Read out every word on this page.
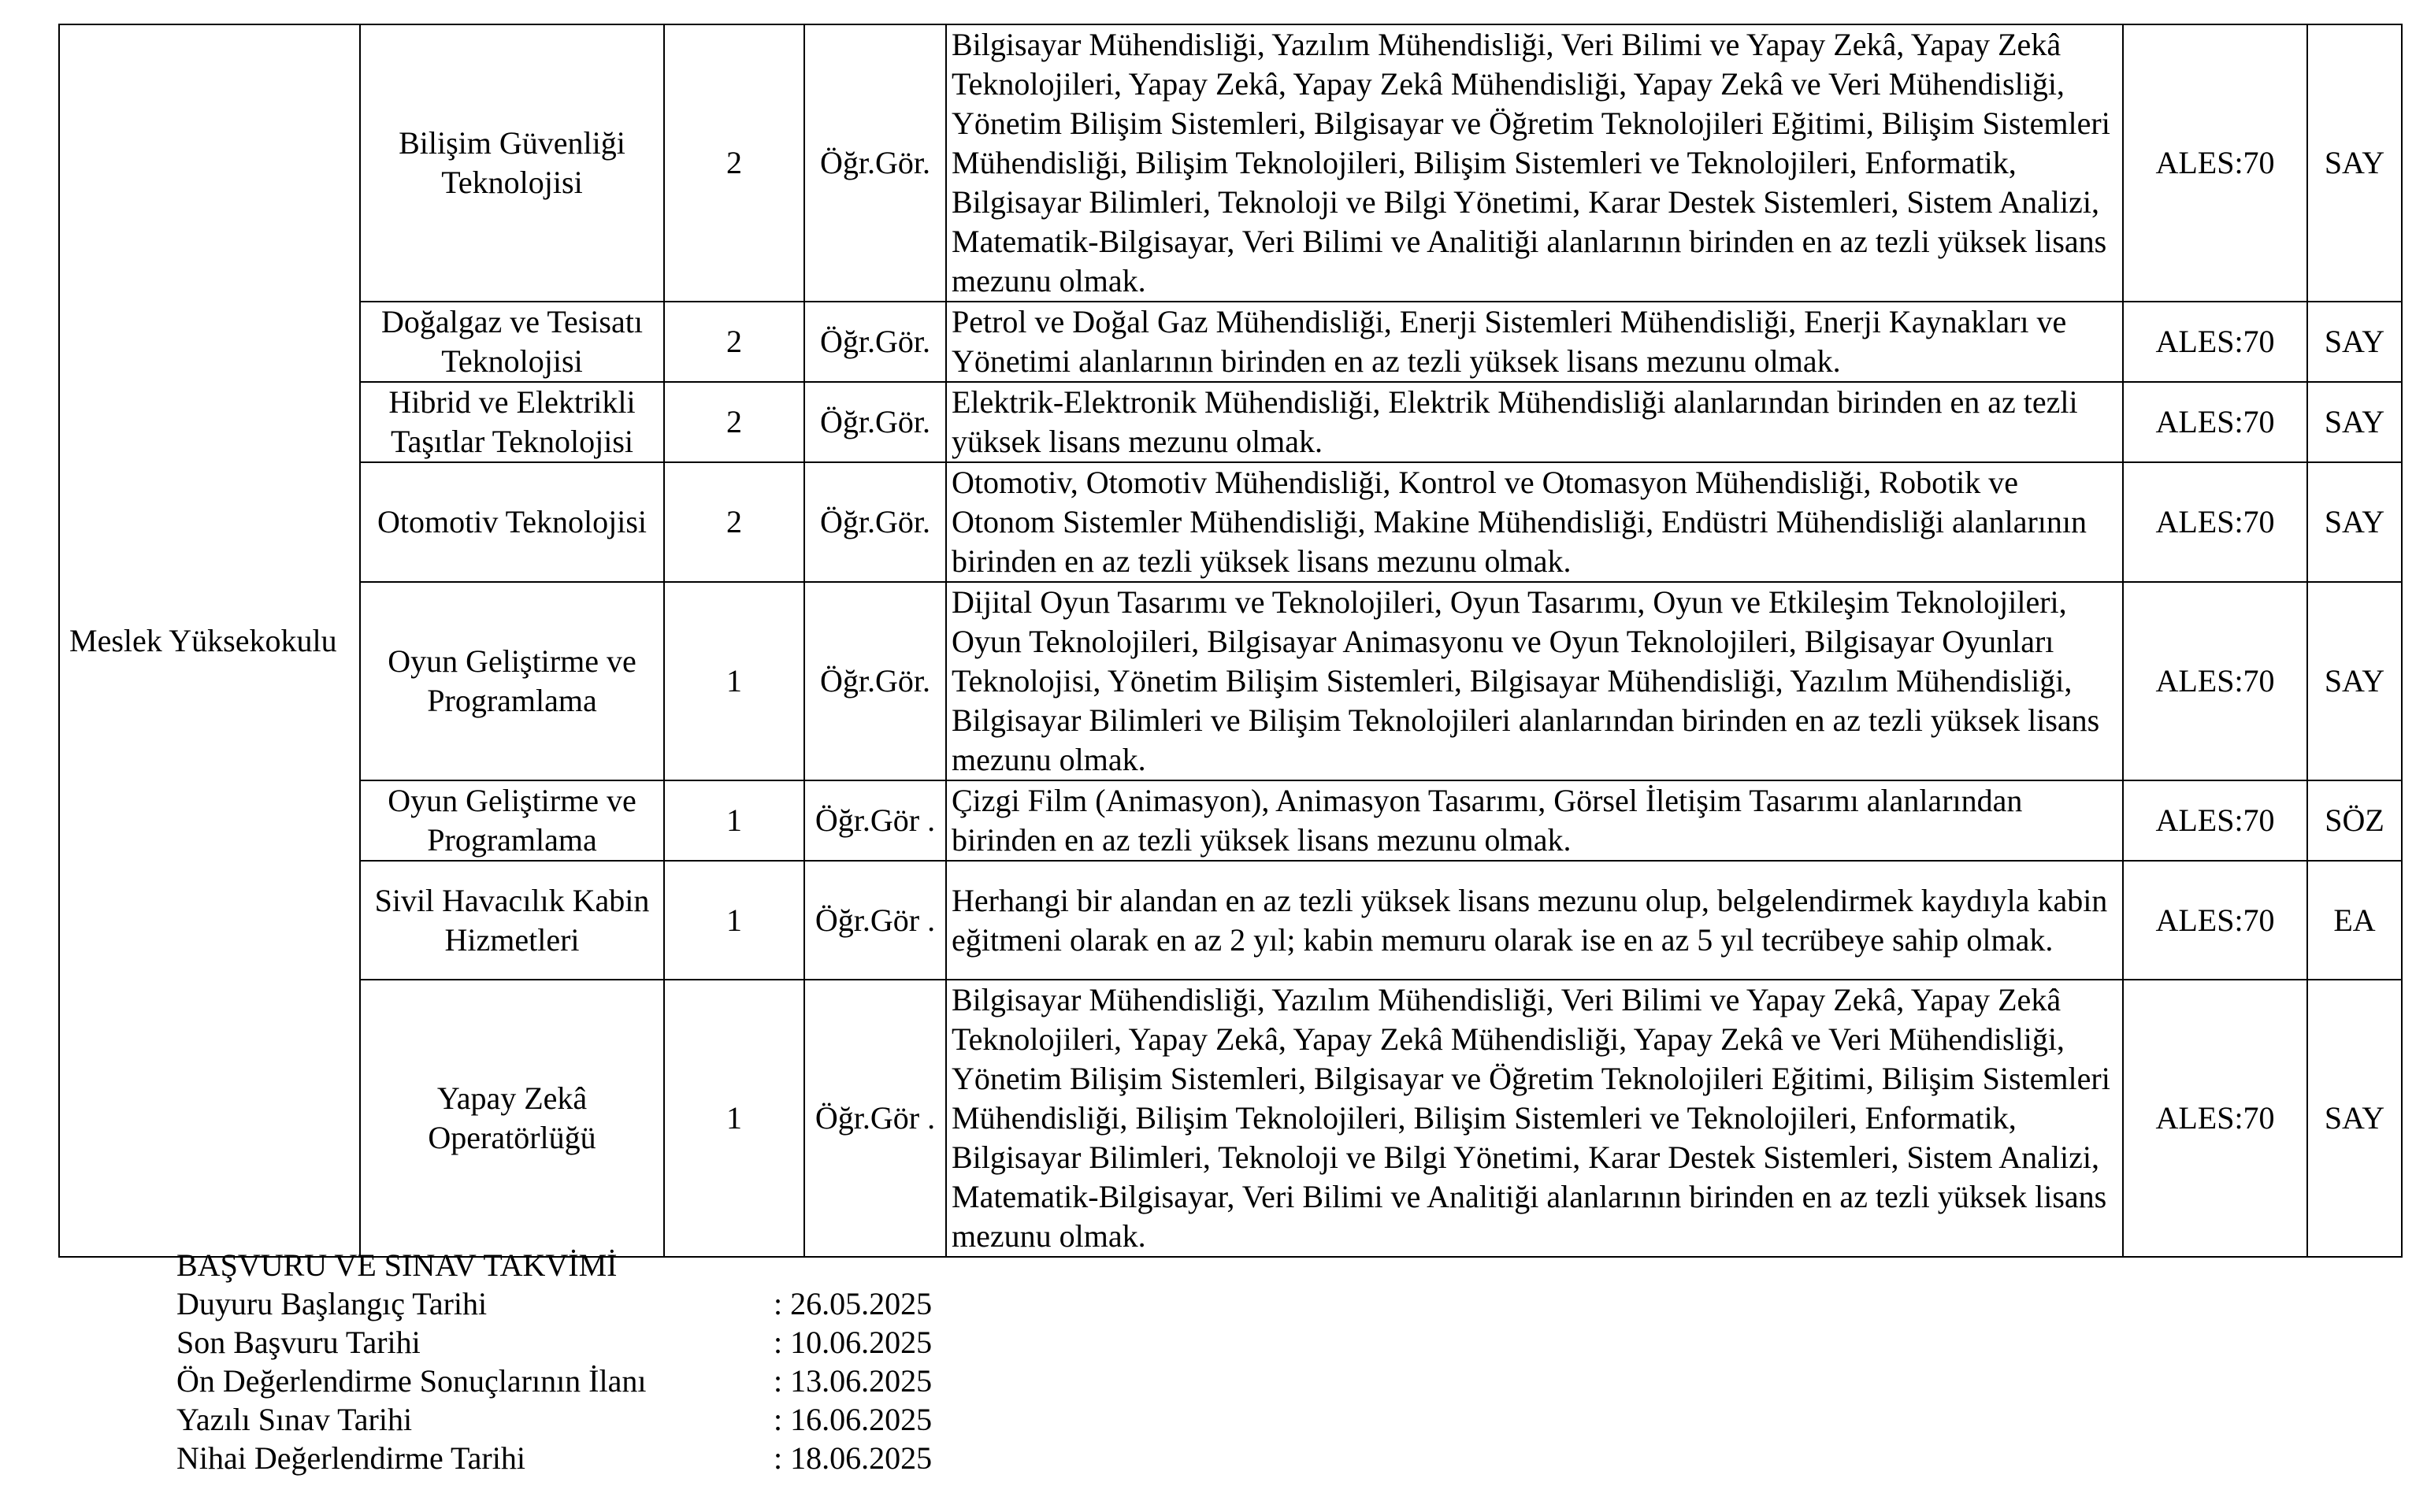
Meslek Yüksekokulu	Bilişim Güvenliği Teknolojisi	2	Öğr.Gör.	Bilgisayar Mühendisliği, Yazılım Mühendisliği, Veri Bilimi ve Yapay Zekâ, Yapay Zekâ Teknolojileri, Yapay Zekâ, Yapay Zekâ Mühendisliği, Yapay Zekâ ve Veri Mühendisliği, Yönetim Bilişim Sistemleri, Bilgisayar ve Öğretim Teknolojileri Eğitimi, Bilişim Sistemleri Mühendisliği, Bilişim Teknolojileri, Bilişim Sistemleri ve Teknolojileri, Enformatik, Bilgisayar Bilimleri, Teknoloji ve Bilgi Yönetimi, Karar Destek Sistemleri, Sistem Analizi, Matematik-Bilgisayar, Veri Bilimi ve Analitiği alanlarının birinden en az tezli yüksek lisans mezunu olmak.	ALES:70	SAY
	Doğalgaz ve Tesisatı Teknolojisi	2	Öğr.Gör.	Petrol ve Doğal Gaz Mühendisliği, Enerji Sistemleri Mühendisliği, Enerji Kaynakları ve Yönetimi alanlarının birinden en az tezli yüksek lisans mezunu olmak.	ALES:70	SAY
	Hibrid ve Elektrikli Taşıtlar Teknolojisi	2	Öğr.Gör.	Elektrik-Elektronik Mühendisliği, Elektrik Mühendisliği alanlarından birinden en az tezli yüksek lisans mezunu olmak.	ALES:70	SAY
	Otomotiv Teknolojisi	2	Öğr.Gör.	Otomotiv, Otomotiv Mühendisliği, Kontrol ve Otomasyon Mühendisliği, Robotik ve Otonom Sistemler Mühendisliği, Makine Mühendisliği, Endüstri Mühendisliği alanlarının birinden en az tezli yüksek lisans mezunu olmak.	ALES:70	SAY
	Oyun Geliştirme ve Programlama	1	Öğr.Gör.	Dijital Oyun Tasarımı ve Teknolojileri, Oyun Tasarımı, Oyun ve Etkileşim Teknolojileri, Oyun Teknolojileri, Bilgisayar Animasyonu ve Oyun Teknolojileri, Bilgisayar Oyunları Teknolojisi, Yönetim Bilişim Sistemleri, Bilgisayar Mühendisliği, Yazılım Mühendisliği, Bilgisayar Bilimleri ve Bilişim Teknolojileri alanlarından birinden en az tezli yüksek lisans mezunu olmak.	ALES:70	SAY
	Oyun Geliştirme ve Programlama	1	Öğr.Gör .	Çizgi Film (Animasyon), Animasyon Tasarımı, Görsel İletişim Tasarımı alanlarından birinden en az tezli yüksek lisans mezunu olmak.	ALES:70	SÖZ
	Sivil Havacılık Kabin Hizmetleri	1	Öğr.Gör .	Herhangi bir alandan en az tezli yüksek lisans mezunu olup, belgelendirmek kaydıyla kabin eğitmeni olarak en az 2 yıl; kabin memuru olarak ise en az 5 yıl tecrübeye sahip olmak.	ALES:70	EA
	Yapay Zekâ Operatörlüğü	1	Öğr.Gör .	Bilgisayar Mühendisliği, Yazılım Mühendisliği, Veri Bilimi ve Yapay Zekâ, Yapay Zekâ Teknolojileri, Yapay Zekâ, Yapay Zekâ Mühendisliği, Yapay Zekâ ve Veri Mühendisliği, Yönetim Bilişim Sistemleri, Bilgisayar ve Öğretim Teknolojileri Eğitimi, Bilişim Sistemleri Mühendisliği, Bilişim Teknolojileri, Bilişim Sistemleri ve Teknolojileri, Enformatik, Bilgisayar Bilimleri, Teknoloji ve Bilgi Yönetimi, Karar Destek Sistemleri, Sistem Analizi, Matematik-Bilgisayar, Veri Bilimi ve Analitiği alanlarının birinden en az tezli yüksek lisans mezunu olmak.	ALES:70	SAY
BAŞVURU VE SINAV TAKVİMİ
Duyuru Başlangıç Tarihi	: 26.05.2025
Son Başvuru Tarihi	: 10.06.2025
Ön Değerlendirme Sonuçlarının İlanı	: 13.06.2025
Yazılı Sınav Tarihi	: 16.06.2025
Nihai Değerlendirme Tarihi	: 18.06.2025
